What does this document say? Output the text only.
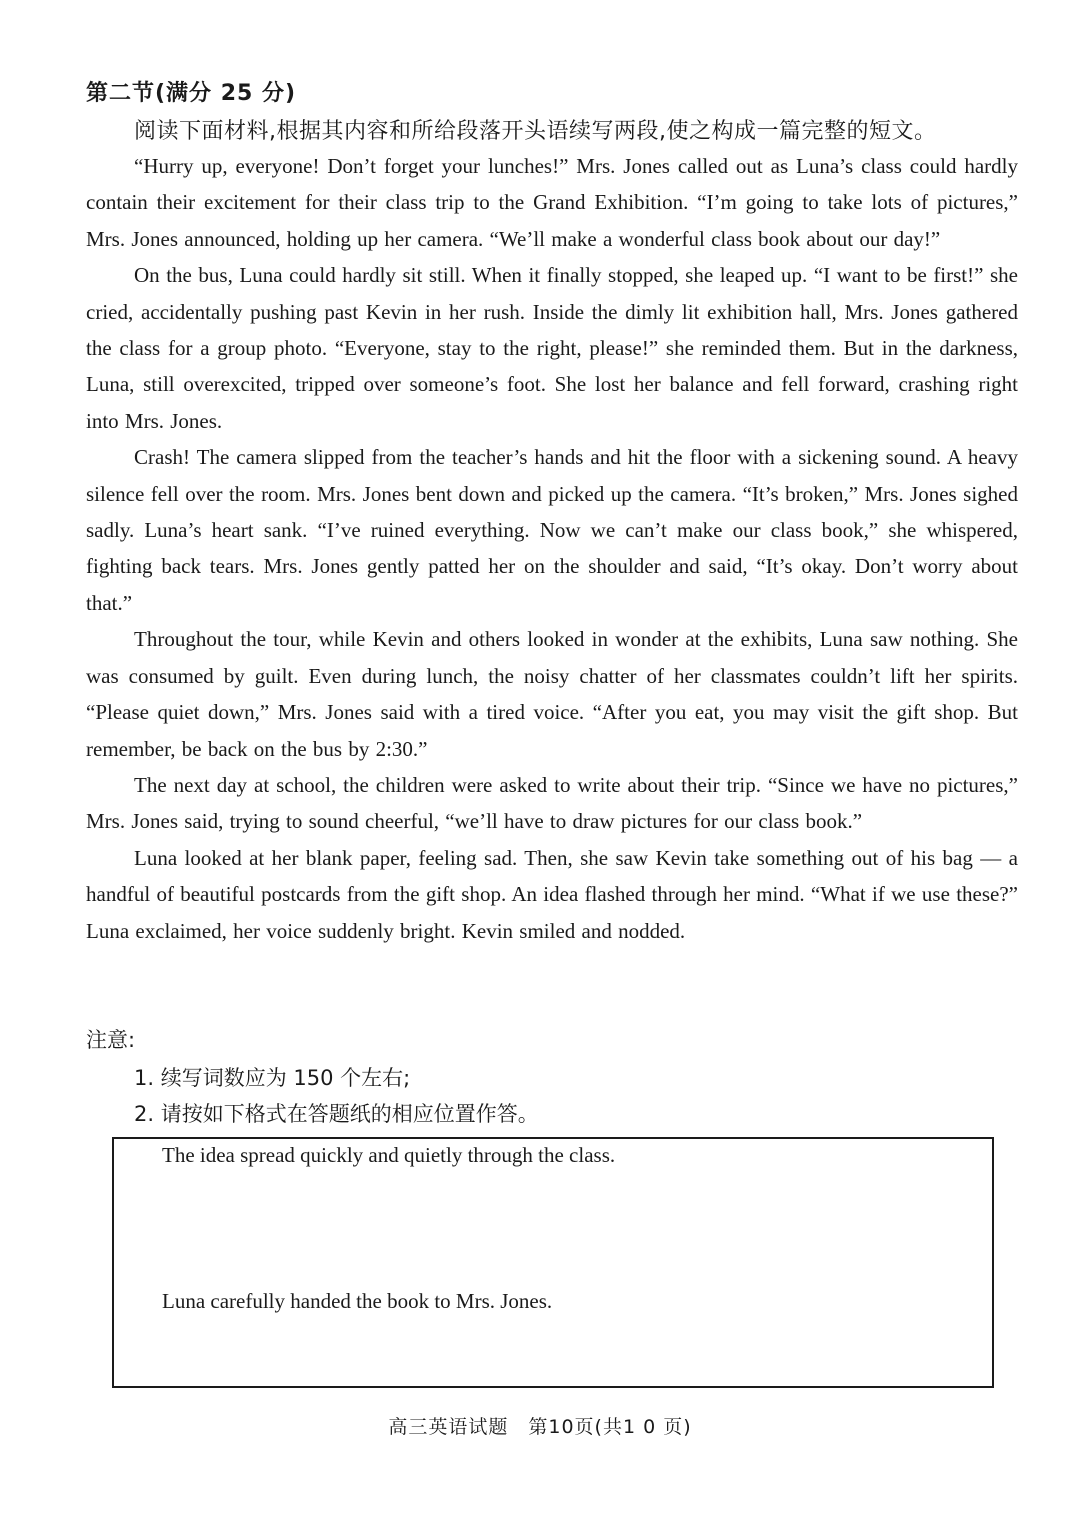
第二节(满分 25 分)
阅读下面材料,根据其内容和所给段落开头语续写两段,使之构成一篇完整的短文。

“Hurry up, everyone! Don’t forget your lunches!” Mrs. Jones called out as Luna’s class could hardly contain their excitement for their class trip to the Grand Exhibition. “I’m going to take lots of pictures,” Mrs. Jones announced, holding up her camera. “We’ll make a wonderful class book about our day!”

On the bus, Luna could hardly sit still. When it finally stopped, she leaped up. “I want to be first!” she cried, accidentally pushing past Kevin in her rush. Inside the dimly lit exhibition hall, Mrs. Jones gathered the class for a group photo. “Everyone, stay to the right, please!” she reminded them. But in the darkness, Luna, still overexcited, tripped over someone’s foot. She lost her balance and fell forward, crashing right into Mrs. Jones.

Crash! The camera slipped from the teacher’s hands and hit the floor with a sickening sound. A heavy silence fell over the room. Mrs. Jones bent down and picked up the camera. “It’s broken,” Mrs. Jones sighed sadly. Luna’s heart sank. “I’ve ruined everything. Now we can’t make our class book,” she whispered, fighting back tears. Mrs. Jones gently patted her on the shoulder and said, “It’s okay. Don’t worry about that.”

Throughout the tour, while Kevin and others looked in wonder at the exhibits, Luna saw nothing. She was consumed by guilt. Even during lunch, the noisy chatter of her classmates couldn’t lift her spirits. “Please quiet down,” Mrs. Jones said with a tired voice. “After you eat, you may visit the gift shop. But remember, be back on the bus by 2:30.”

The next day at school, the children were asked to write about their trip. “Since we have no pictures,” Mrs. Jones said, trying to sound cheerful, “we’ll have to draw pictures for our class book.”

Luna looked at her blank paper, feeling sad. Then, she saw Kevin take something out of his bag — a handful of beautiful postcards from the gift shop. An idea flashed through her mind. “What if we use these?” Luna exclaimed, her voice suddenly bright. Kevin smiled and nodded.

注意:
1. 续写词数应为 150 个左右;
2. 请按如下格式在答题纸的相应位置作答。
The idea spread quickly and quietly through the class.
Luna carefully handed the book to Mrs. Jones.
高三英语试题　第10页(共1 0 页)
